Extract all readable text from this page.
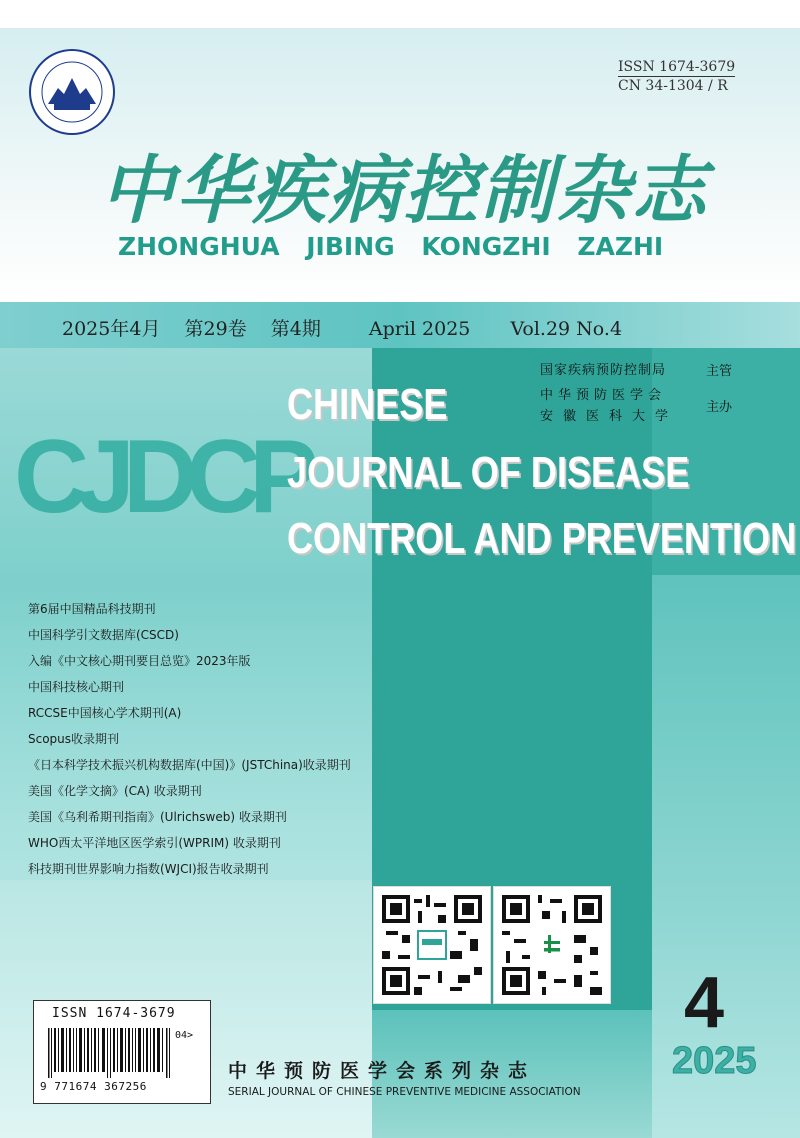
ISSN 1674-3679
CN 34-1304 / R
中华疾病控制杂志
ZHONGHUA JIBING KONGZHI ZAZHI
2025年4月 第29卷 第4期	April 2025 Vol.29 No.4
CJDCP
CHINESE
JOURNAL OF DISEASE
CONTROL AND PREVENTION
国家疾病预防控制局
中华预防医学会
安徽医科大学
主管
主办
第6届中国精品科技期刊
中国科学引文数据库(CSCD)
入编《中文核心期刊要目总览》2023年版
中国科技核心期刊
RCCSE中国核心学术期刊(A)
Scopus收录期刊
《日本科学技术振兴机构数据库(中国)》(JSTChina)收录期刊
美国《化学文摘》(CA) 收录期刊
美国《乌利希期刊指南》(Ulrichsweb) 收录期刊
WHO西太平洋地区医学索引(WPRIM) 收录期刊
科技期刊世界影响力指数(WJCI)报告收录期刊
ISSN 1674-3679
04>
9 771674 367256
中华预防医学会系列杂志
SERIAL JOURNAL OF CHINESE PREVENTIVE MEDICINE ASSOCIATION
4
2025
